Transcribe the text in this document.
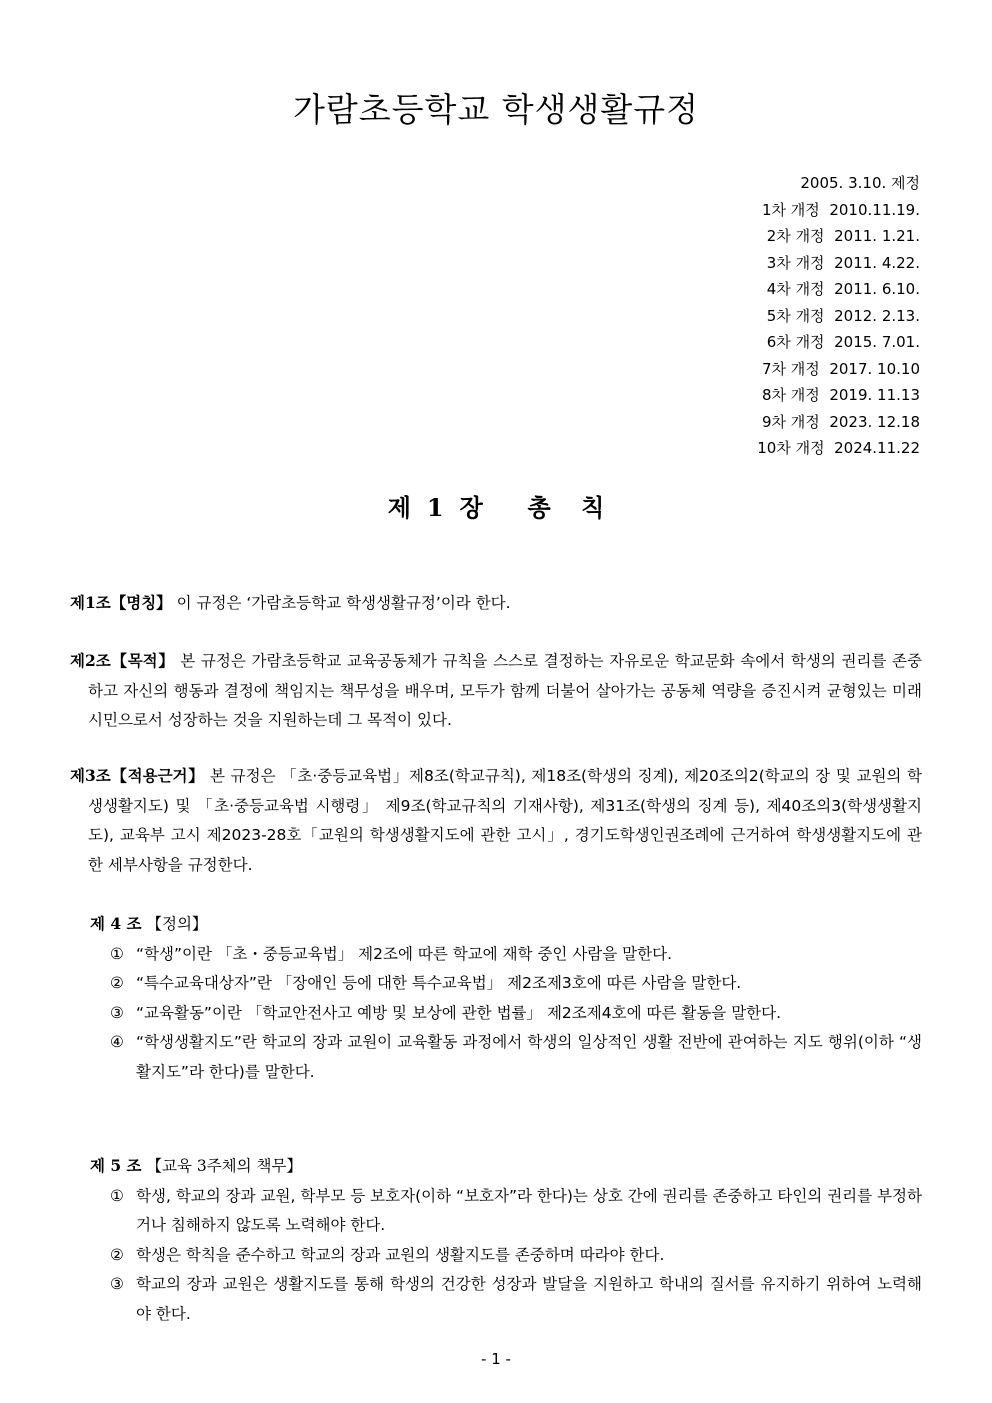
가람초등학교 학생생활규정
2005. 3.10. 제정
1차 개정 2010.11.19.
2차 개정 2011. 1.21.
3차 개정 2011. 4.22.
4차 개정 2011. 6.10.
5차 개정 2012. 2.13.
6차 개정 2015. 7.01.
7차 개정 2017. 10.10
8차 개정 2019. 11.13
9차 개정 2023. 12.18
10차 개정 2024.11.22
제 1 장 총 칙
제1조【명칭】 이 규정은 ‘가람초등학교 학생생활규정’이라 한다.
제2조【목적】 본 규정은 가람초등학교 교육공동체가 규칙을 스스로 결정하는 자유로운 학교문화 속에서 학생의 권리를 존중하고 자신의 행동과 결정에 책임지는 책무성을 배우며, 모두가 함께 더불어 살아가는 공동체 역량을 증진시켜 균형있는 미래시민으로서 성장하는 것을 지원하는데 그 목적이 있다.
제3조【적용근거】 본 규정은 「초·중등교육법」제8조(학교규칙), 제18조(학생의 징계), 제20조의2(학교의 장 및 교원의 학생생활지도) 및 「초·중등교육법 시행령」 제9조(학교규칙의 기재사항), 제31조(학생의 징계 등), 제40조의3(학생생활지도), 교육부 고시 제2023-28호「교원의 학생생활지도에 관한 고시」, 경기도학생인권조례에 근거하여 학생생활지도에 관한 세부사항을 규정한다.
제 4 조 【정의】
① “학생”이란 「초・중등교육법」 제2조에 따른 학교에 재학 중인 사람을 말한다.
② “특수교육대상자”란 「장애인 등에 대한 특수교육법」 제2조제3호에 따른 사람을 말한다.
③ “교육활동”이란 「학교안전사고 예방 및 보상에 관한 법률」 제2조제4호에 따른 활동을 말한다.
④ “학생생활지도”란 학교의 장과 교원이 교육활동 과정에서 학생의 일상적인 생활 전반에 관여하는 지도 행위(이하 “생활지도”라 한다)를 말한다.
제 5 조 【교육 3주체의 책무】
① 학생, 학교의 장과 교원, 학부모 등 보호자(이하 “보호자”라 한다)는 상호 간에 권리를 존중하고 타인의 권리를 부정하거나 침해하지 않도록 노력해야 한다.
② 학생은 학칙을 준수하고 학교의 장과 교원의 생활지도를 존중하며 따라야 한다.
③ 학교의 장과 교원은 생활지도를 통해 학생의 건강한 성장과 발달을 지원하고 학내의 질서를 유지하기 위하여 노력해야 한다.
- 1 -
